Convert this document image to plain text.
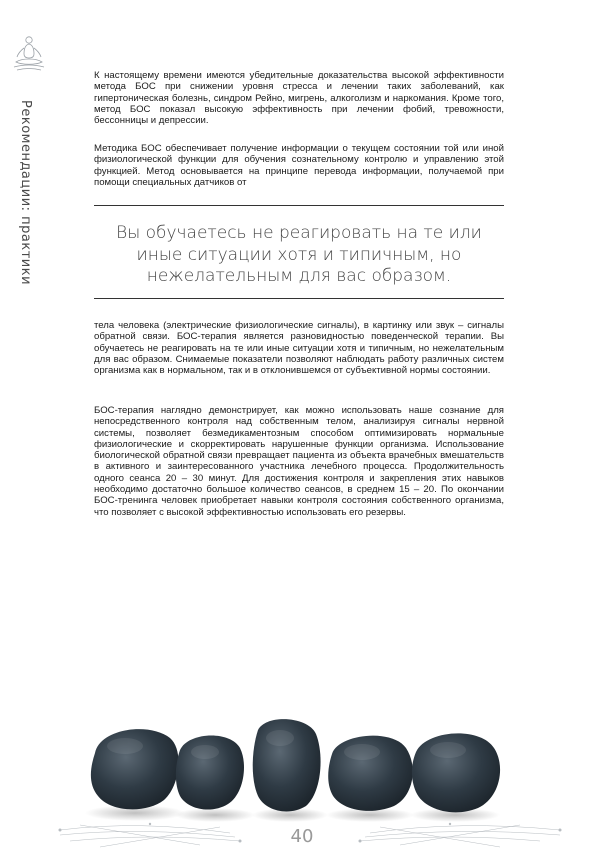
Рекомендации: практики

К настоящему времени имеются убедительные доказательства высокой эффективности метода БОС при снижении уровня стресса и лечении таких заболеваний, как гипертоническая болезнь, синдром Рейно, мигрень, алкоголизм и наркомания. Кроме того, метод БОС показал высокую эффективность при лечении фобий, тревожности, бессонницы и депрессии.

Методика БОС обеспечивает получение информации о текущем состоянии той или иной физиологической функции для обучения сознательному контролю и управлению этой функцией. Метод основывается на принципе перевода информации, получаемой при помощи специальных датчиков от

Вы обучаетесь не реагировать на те или иные ситуации хотя и типичным, но нежелательным для вас образом.

тела человека (электрические физиологические сигналы), в картинку или звук – сигналы обратной связи. БОС-терапия является разновидностью поведенческой терапии. Вы обучаетесь не реагировать на те или иные ситуации хотя и типичным, но нежелательным для вас образом. Снимаемые показатели позволяют наблюдать работу различных систем организма как в нормальном, так и в отклонившемся от субъективной нормы состоянии.

БОС-терапия наглядно демонстрирует, как можно использовать наше сознание для непосредственного контроля над собственным телом, анализируя сигналы нервной системы, позволяет безмедикаментозным способом оптимизировать нормальные физиологические и скорректировать нарушенные функции организма. Использование биологической обратной связи превращает пациента из объекта врачебных вмешательств в активного и заинтересованного участника лечебного процесса. Продолжительность одного сеанса 20 – 30 минут. Для достижения контроля и закрепления этих навыков необходимо достаточно большое количество сеансов, в среднем 15 – 20. По окончании БОС-тренинга человек приобретает навыки контроля состояния собственного организма, что позволяет с высокой эффективностью использовать его резервы.

40
